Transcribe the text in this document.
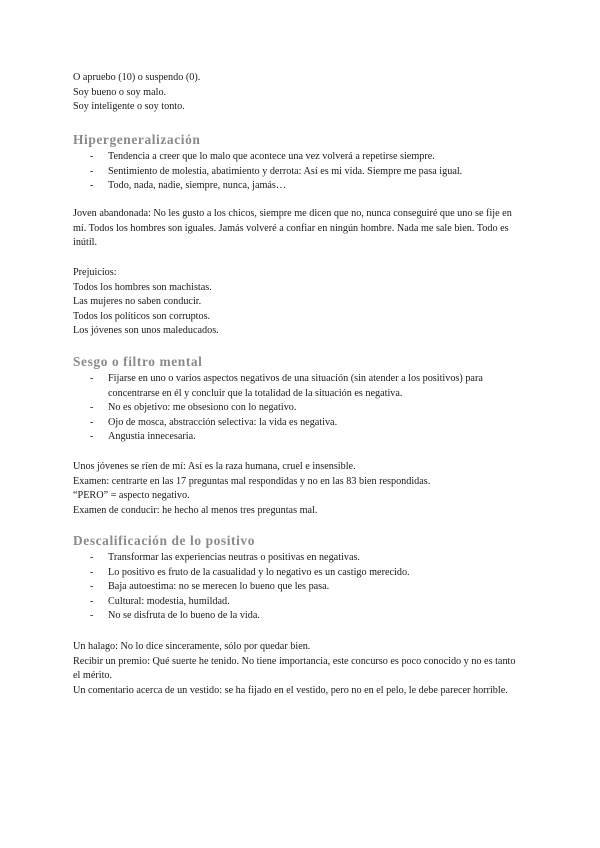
O apruebo (10) o suspendo (0).
Soy bueno o soy malo.
Soy inteligente o soy tonto.
Hipergeneralización
- Tendencia a creer que lo malo que acontece una vez volverá a repetirse siempre.
- Sentimiento de molestia, abatimiento y derrota: Así es mi vida. Siempre me pasa igual.
- Todo, nada, nadie, siempre, nunca, jamás…
Joven abandonada: No les gusto a los chicos, siempre me dicen que no, nunca conseguiré que uno se fije en mí. Todos los hombres son iguales. Jamás volveré a confiar en ningún hombre. Nada me sale bien. Todo es inútil.
Prejuicios:
Todos los hombres son machistas.
Las mujeres no saben conducir.
Todos los políticos son corruptos.
Los jóvenes son unos maleducados.
Sesgo o filtro mental
- Fijarse en uno o varios aspectos negativos de una situación (sin atender a los positivos) para concentrarse en él y concluir que la totalidad de la situación es negativa.
- No es objetivo: me obsesiono con lo negativo.
- Ojo de mosca, abstracción selectiva: la vida es negativa.
- Angustia innecesaria.
Unos jóvenes se ríen de mí: Así es la raza humana, cruel e insensible.
Examen: centrarte en las 17 preguntas mal respondidas y no en las 83 bien respondidas.
“PERO” = aspecto negativo.
Examen de conducir: he hecho al menos tres preguntas mal.
Descalificación de lo positivo
- Transformar las experiencias neutras o positivas en negativas.
- Lo positivo es fruto de la casualidad y lo negativo es un castigo merecido.
- Baja autoestima: no se merecen lo bueno que les pasa.
- Cultural: modestia, humildad.
- No se disfruta de lo bueno de la vida.
Un halago: No lo dice sinceramente, sólo por quedar bien.
Recibir un premio: Qué suerte he tenido. No tiene importancia, este concurso es poco conocido y no es tanto el mérito.
Un comentario acerca de un vestido: se ha fijado en el vestido, pero no en el pelo, le debe parecer horrible.
